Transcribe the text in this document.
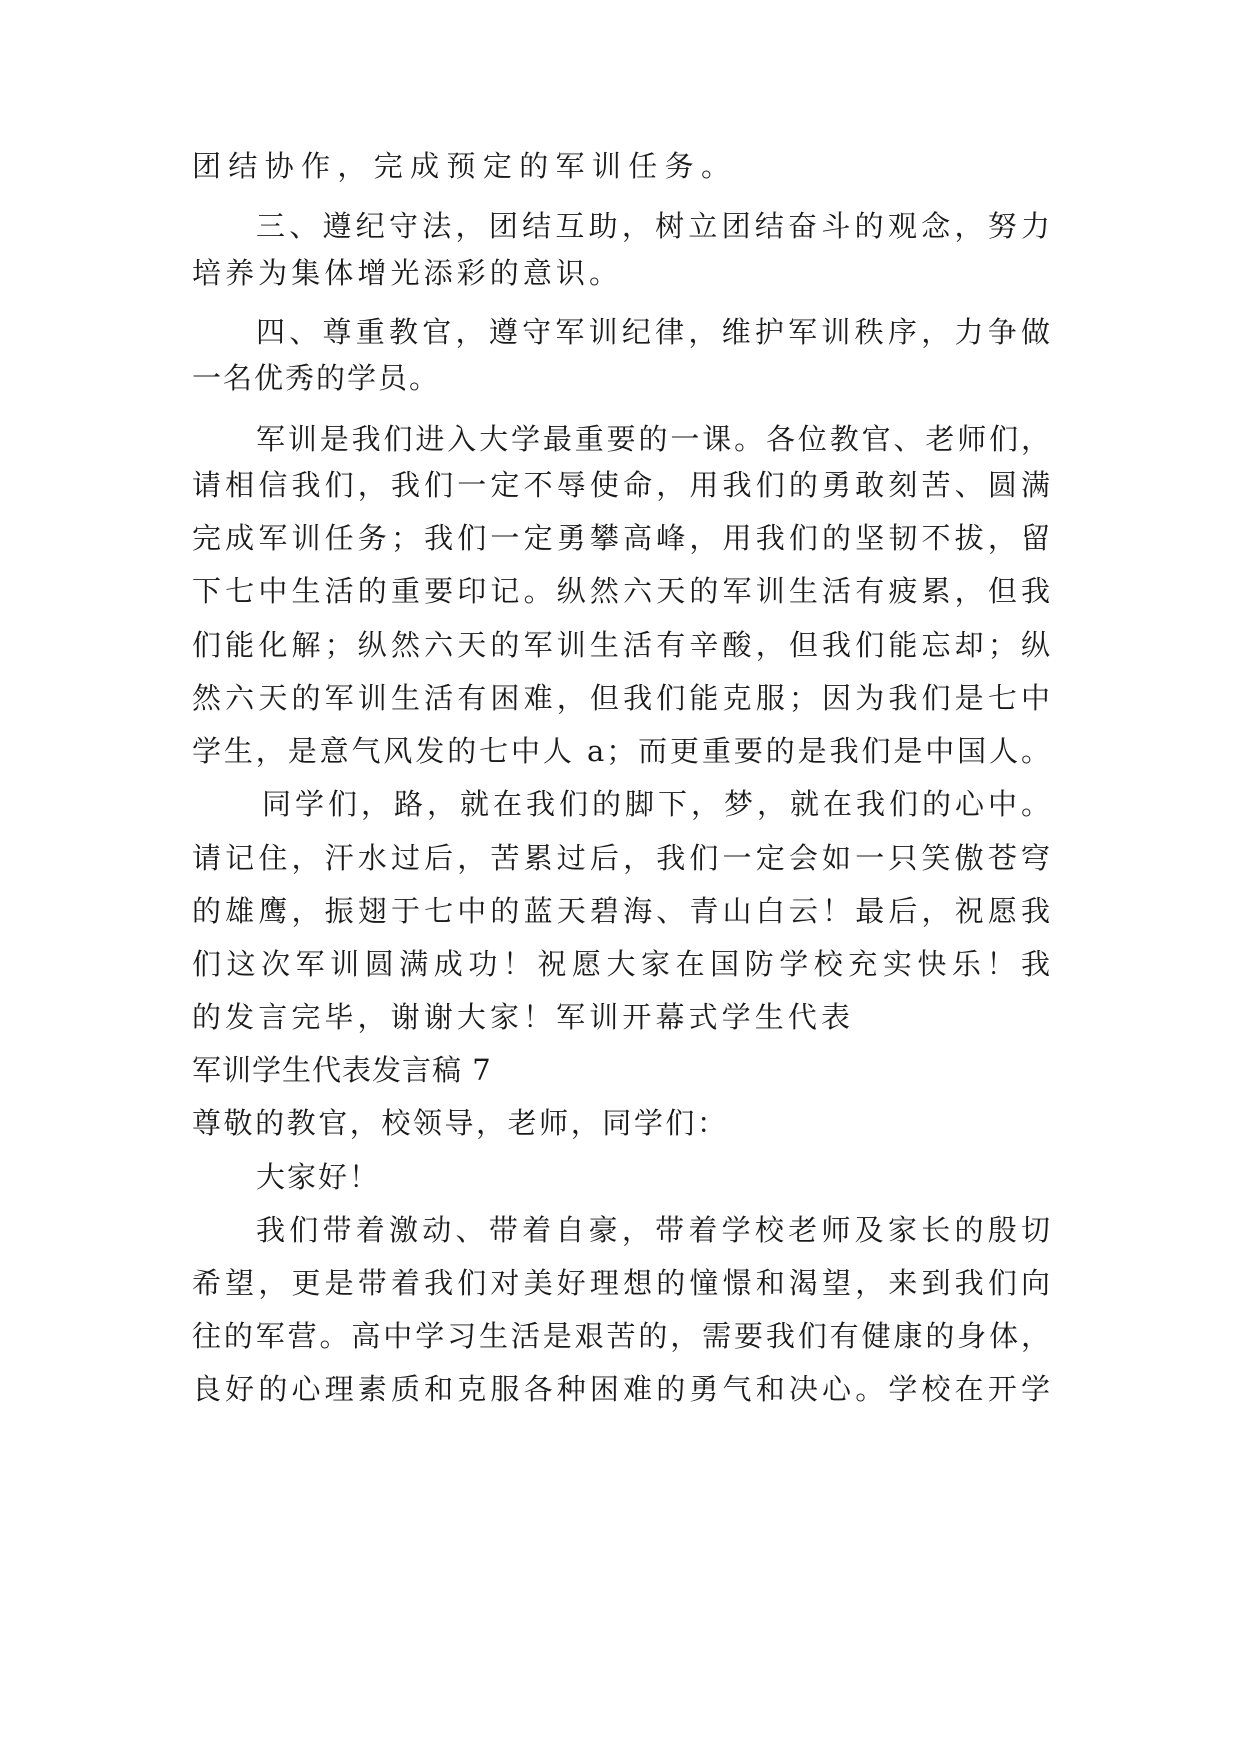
团结协作，完成预定的军训任务。
三、遵纪守法，团结互助，树立团结奋斗的观念，努力
培养为集体增光添彩的意识。
四、尊重教官，遵守军训纪律，维护军训秩序，力争做
一名优秀的学员。
军训是我们进入大学最重要的一课。各位教官、老师们，
请相信我们，我们一定不辱使命，用我们的勇敢刻苦、圆满
完成军训任务；我们一定勇攀高峰，用我们的坚韧不拔，留
下七中生活的重要印记。纵然六天的军训生活有疲累，但我
们能化解；纵然六天的军训生活有辛酸，但我们能忘却；纵
然六天的军训生活有困难，但我们能克服；因为我们是七中
学生，是意气风发的七中人 a；而更重要的是我们是中国人。
同学们，路，就在我们的脚下，梦，就在我们的心中。
请记住，汗水过后，苦累过后，我们一定会如一只笑傲苍穹
的雄鹰，振翅于七中的蓝天碧海、青山白云！最后，祝愿我
们这次军训圆满成功！祝愿大家在国防学校充实快乐！我
的发言完毕，谢谢大家！军训开幕式学生代表
军训学生代表发言稿 7
尊敬的教官，校领导，老师，同学们：
大家好！
我们带着激动、带着自豪，带着学校老师及家长的殷切
希望，更是带着我们对美好理想的憧憬和渴望，来到我们向
往的军营。高中学习生活是艰苦的，需要我们有健康的身体，
良好的心理素质和克服各种困难的勇气和决心。学校在开学
